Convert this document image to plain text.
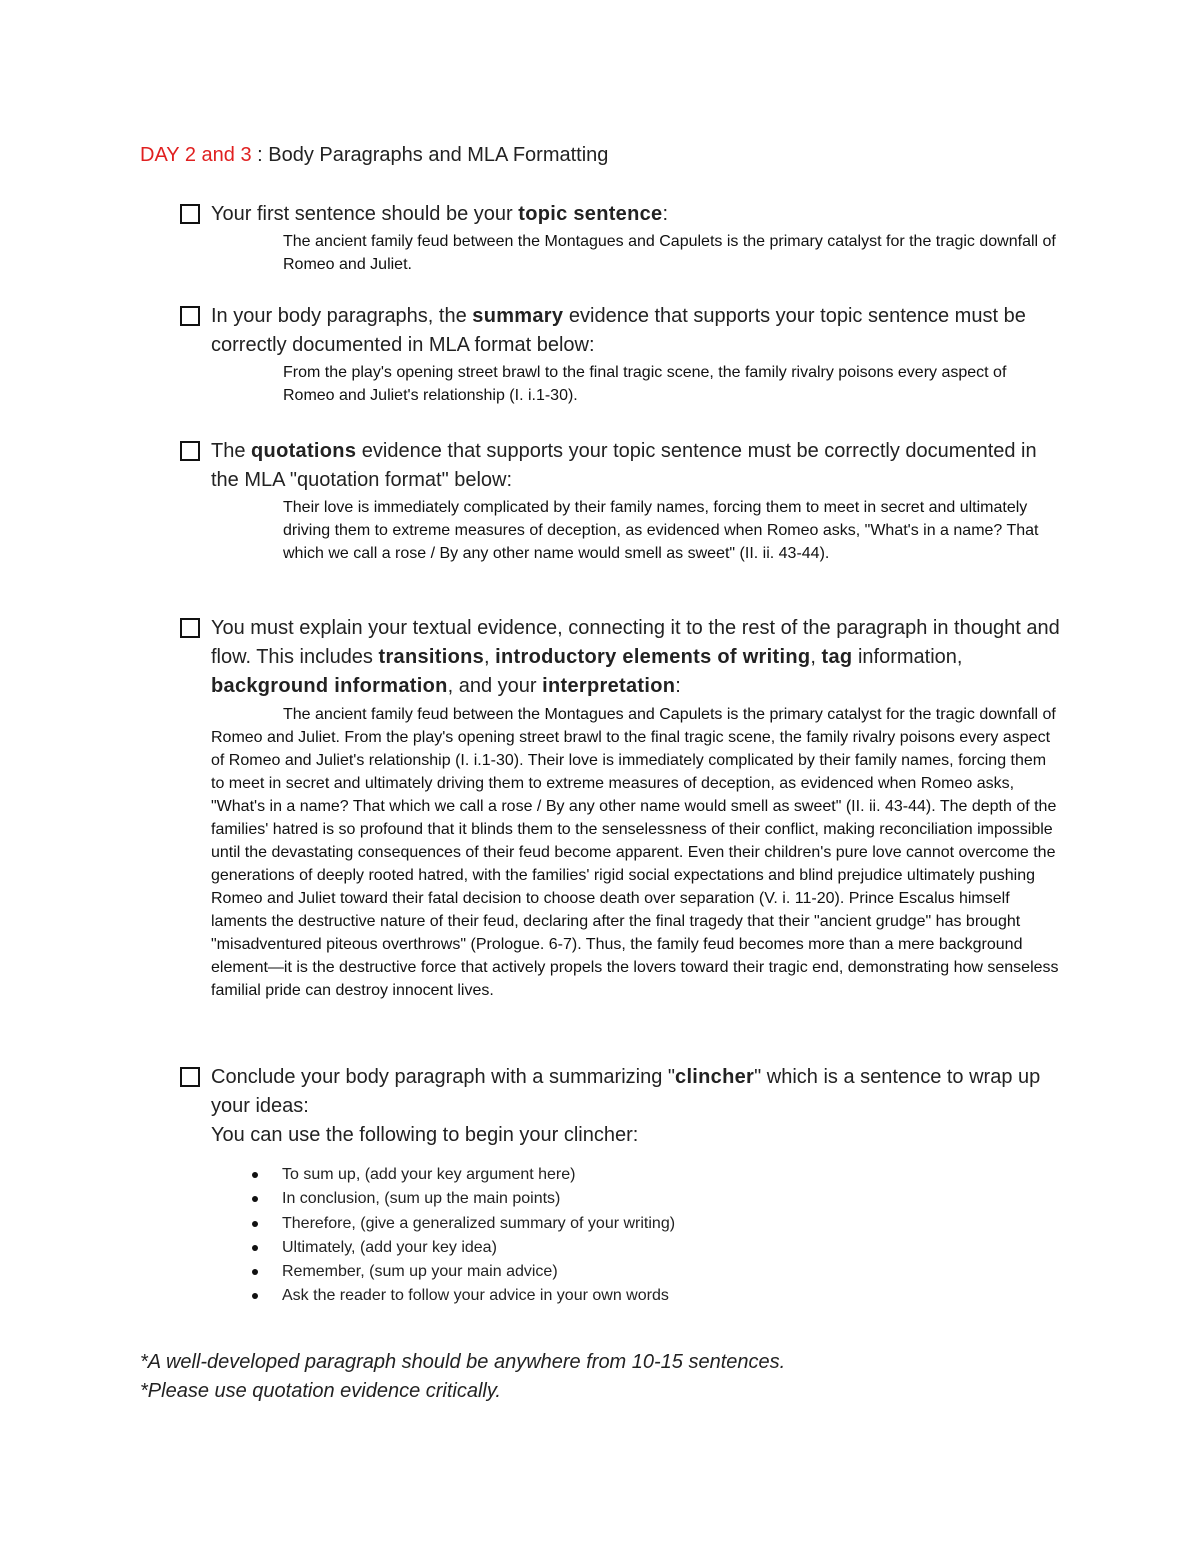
DAY 2 and 3 : Body Paragraphs and MLA Formatting
Your first sentence should be your topic sentence:
The ancient family feud between the Montagues and Capulets is the primary catalyst for the tragic downfall of Romeo and Juliet.
In your body paragraphs, the summary evidence that supports your topic sentence must be correctly documented in MLA format below:
From the play's opening street brawl to the final tragic scene, the family rivalry poisons every aspect of Romeo and Juliet's relationship (I. i.1-30).
The quotations evidence that supports your topic sentence must be correctly documented in the MLA "quotation format" below:
Their love is immediately complicated by their family names, forcing them to meet in secret and ultimately driving them to extreme measures of deception, as evidenced when Romeo asks, "What's in a name? That which we call a rose / By any other name would smell as sweet" (II. ii. 43-44).
You must explain your textual evidence, connecting it to the rest of the paragraph in thought and flow. This includes transitions, introductory elements of writing, tag information, background information, and your interpretation:
The ancient family feud between the Montagues and Capulets is the primary catalyst for the tragic downfall of Romeo and Juliet. From the play's opening street brawl to the final tragic scene, the family rivalry poisons every aspect of Romeo and Juliet's relationship (I. i.1-30). Their love is immediately complicated by their family names, forcing them to meet in secret and ultimately driving them to extreme measures of deception, as evidenced when Romeo asks, "What's in a name? That which we call a rose / By any other name would smell as sweet" (II. ii. 43-44). The depth of the families' hatred is so profound that it blinds them to the senselessness of their conflict, making reconciliation impossible until the devastating consequences of their feud become apparent. Even their children's pure love cannot overcome the generations of deeply rooted hatred, with the families' rigid social expectations and blind prejudice ultimately pushing Romeo and Juliet toward their fatal decision to choose death over separation (V. i. 11-20). Prince Escalus himself laments the destructive nature of their feud, declaring after the final tragedy that their "ancient grudge" has brought "misadventured piteous overthrows" (Prologue. 6-7). Thus, the family feud becomes more than a mere background element—it is the destructive force that actively propels the lovers toward their tragic end, demonstrating how senseless familial pride can destroy innocent lives.
Conclude your body paragraph with a summarizing "clincher" which is a sentence to wrap up your ideas:
You can use the following to begin your clincher:
To sum up, (add your key argument here)
In conclusion, (sum up the main points)
Therefore, (give a generalized summary of your writing)
Ultimately, (add your key idea)
Remember, (sum up your main advice)
Ask the reader to follow your advice in your own words
*A well-developed paragraph should be anywhere from 10-15 sentences.
*Please use quotation evidence critically.
